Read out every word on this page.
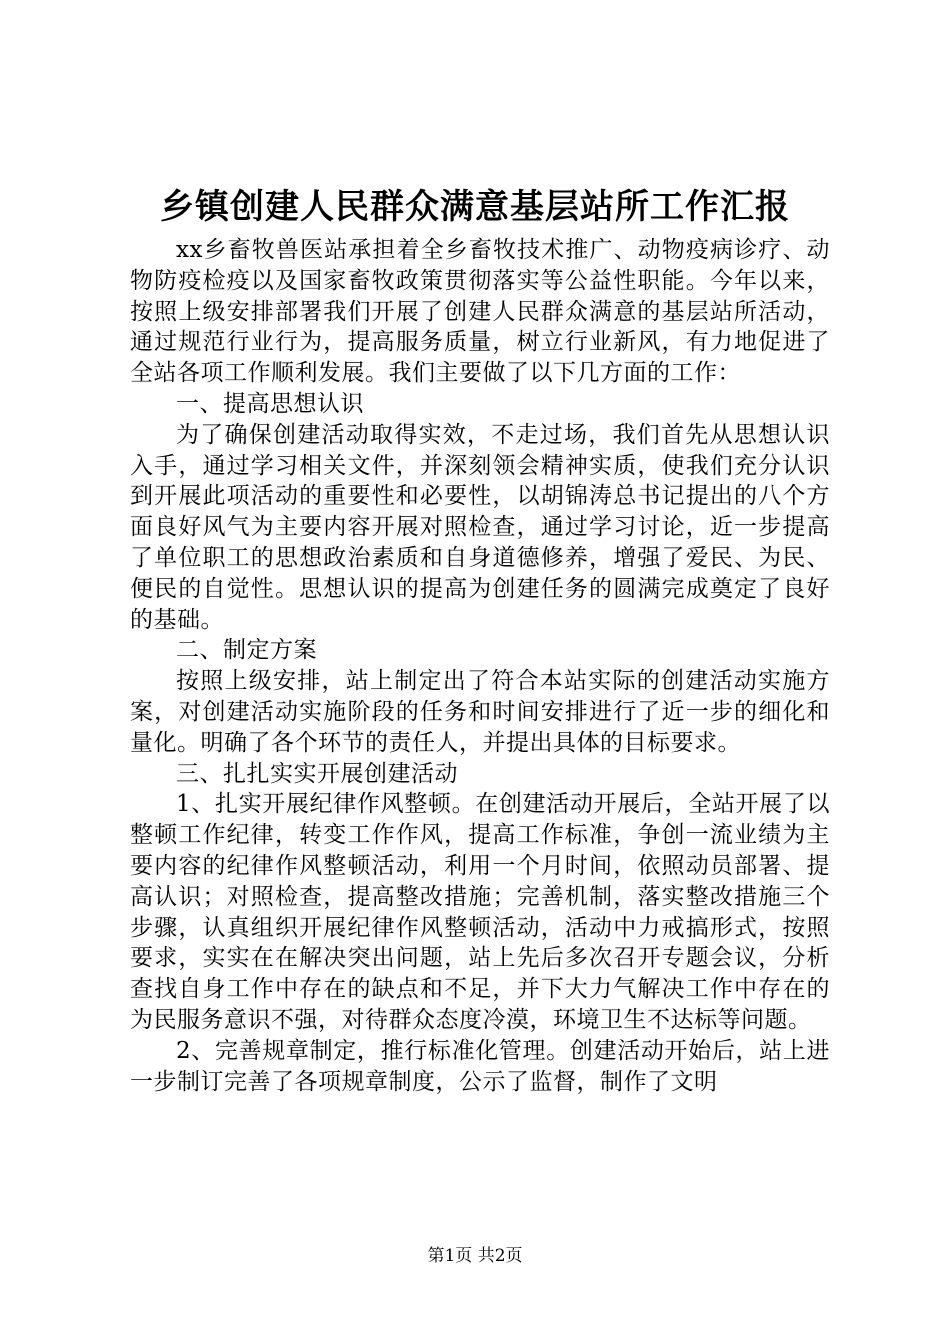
乡镇创建人民群众满意基层站所工作汇报

xx乡畜牧兽医站承担着全乡畜牧技术推广、动物疫病诊疗、动物防疫检疫以及国家畜牧政策贯彻落实等公益性职能。今年以来，按照上级安排部署我们开展了创建人民群众满意的基层站所活动，通过规范行业行为，提高服务质量，树立行业新风，有力地促进了全站各项工作顺利发展。我们主要做了以下几方面的工作：

一、提高思想认识

为了确保创建活动取得实效，不走过场，我们首先从思想认识入手，通过学习相关文件，并深刻领会精神实质，使我们充分认识到开展此项活动的重要性和必要性，以胡锦涛总书记提出的八个方面良好风气为主要内容开展对照检查，通过学习讨论，近一步提高了单位职工的思想政治素质和自身道德修养，增强了爱民、为民、便民的自觉性。思想认识的提高为创建任务的圆满完成奠定了良好的基础。

二、制定方案

按照上级安排，站上制定出了符合本站实际的创建活动实施方案，对创建活动实施阶段的任务和时间安排进行了近一步的细化和量化。明确了各个环节的责任人，并提出具体的目标要求。

三、扎扎实实开展创建活动

1、扎实开展纪律作风整顿。在创建活动开展后，全站开展了以整顿工作纪律，转变工作作风，提高工作标准，争创一流业绩为主要内容的纪律作风整顿活动，利用一个月时间，依照动员部署、提高认识；对照检查，提高整改措施；完善机制，落实整改措施三个步骤，认真组织开展纪律作风整顿活动，活动中力戒搞形式，按照要求，实实在在解决突出问题，站上先后多次召开专题会议，分析查找自身工作中存在的缺点和不足，并下大力气解决工作中存在的为民服务意识不强，对待群众态度冷漠，环境卫生不达标等问题。

2、完善规章制定，推行标准化管理。创建活动开始后，站上进一步制订完善了各项规章制度，公示了监督，制作了文明

第1页 共2页
